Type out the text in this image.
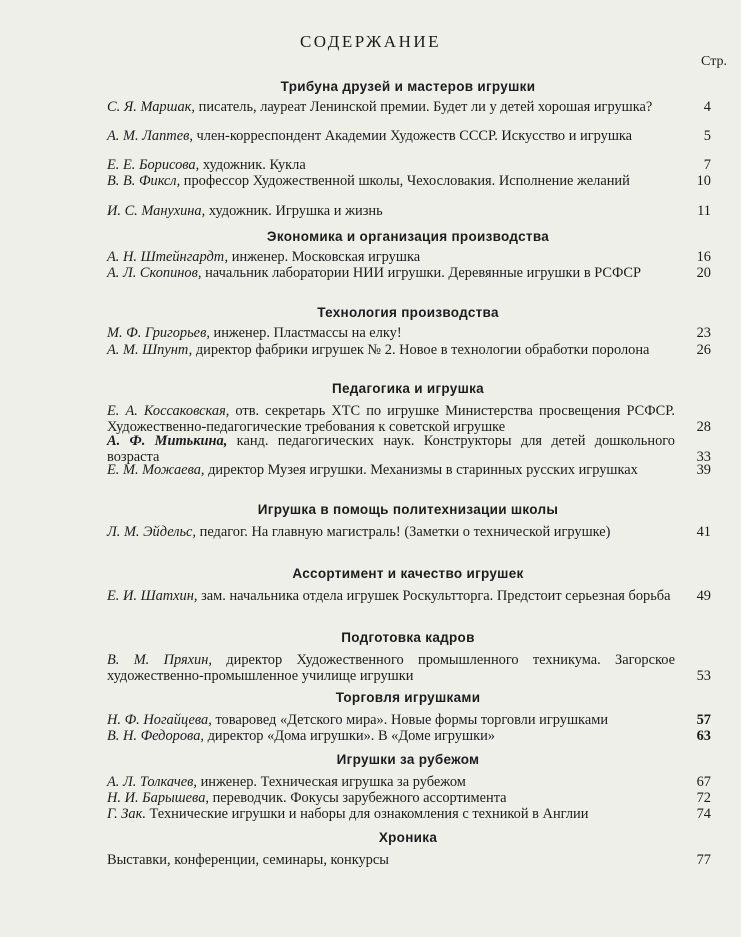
СОДЕРЖАНИЕ
Стр.
Трибуна друзей и мастеров игрушки
С. Я. Маршак, писатель, лауреат Ленинской премии. Будет ли у детей хорошая игрушка?	4
А. М. Лаптев, член-корреспондент Академии Художеств СССР. Искусство и игрушка	5
Е. Е. Борисова, художник. Кукла	7
В. В. Фиксл, профессор Художественной школы, Чехословакия. Исполнение желаний	10
И. С. Манухина, художник. Игрушка и жизнь	11
Экономика и организация производства
А. Н. Штейнгардт, инженер. Московская игрушка	16
А. Л. Скопинов, начальник лаборатории НИИ игрушки. Деревянные игрушки в РСФСР	20
Технология производства
М. Ф. Григорьев, инженер. Пластмассы на елку!	23
А. М. Шпунт, директор фабрики игрушек № 2. Новое в технологии обработки поролона	26
Педагогика и игрушка
Е. А. Коссаковская, отв. секретарь ХТС по игрушке Министерства просвещения РСФСР. Художественно-педагогические требования к советской игрушке	28
А. Ф. Митькина, канд. педагогических наук. Конструкторы для детей дошкольного возраста	33
Е. М. Можаева, директор Музея игрушки. Механизмы в старинных русских игрушках	39
Игрушка в помощь политехнизации школы
Л. М. Эйдельс, педагог. На главную магистраль! (Заметки о технической игрушке)	41
Ассортимент и качество игрушек
Е. И. Шатхин, зам. начальника отдела игрушек Роскультторга. Предстоит серьезная борьба	49
Подготовка кадров
В. М. Пряхин, директор Художественного промышленного техникума. Загорское художественно-промышленное училище игрушки	53
Торговля игрушками
Н. Ф. Ногайцева, товаровед «Детского мира». Новые формы торговли игрушками	57
В. Н. Федорова, директор «Дома игрушки». В «Доме игрушки»	63
Игрушки за рубежом
А. Л. Толкачев, инженер. Техническая игрушка за рубежом	67
Н. И. Барышева, переводчик. Фокусы зарубежного ассортимента	72
Г. Зак. Технические игрушки и наборы для ознакомления с техникой в Англии	74
Хроника
Выставки, конференции, семинары, конкурсы	77
